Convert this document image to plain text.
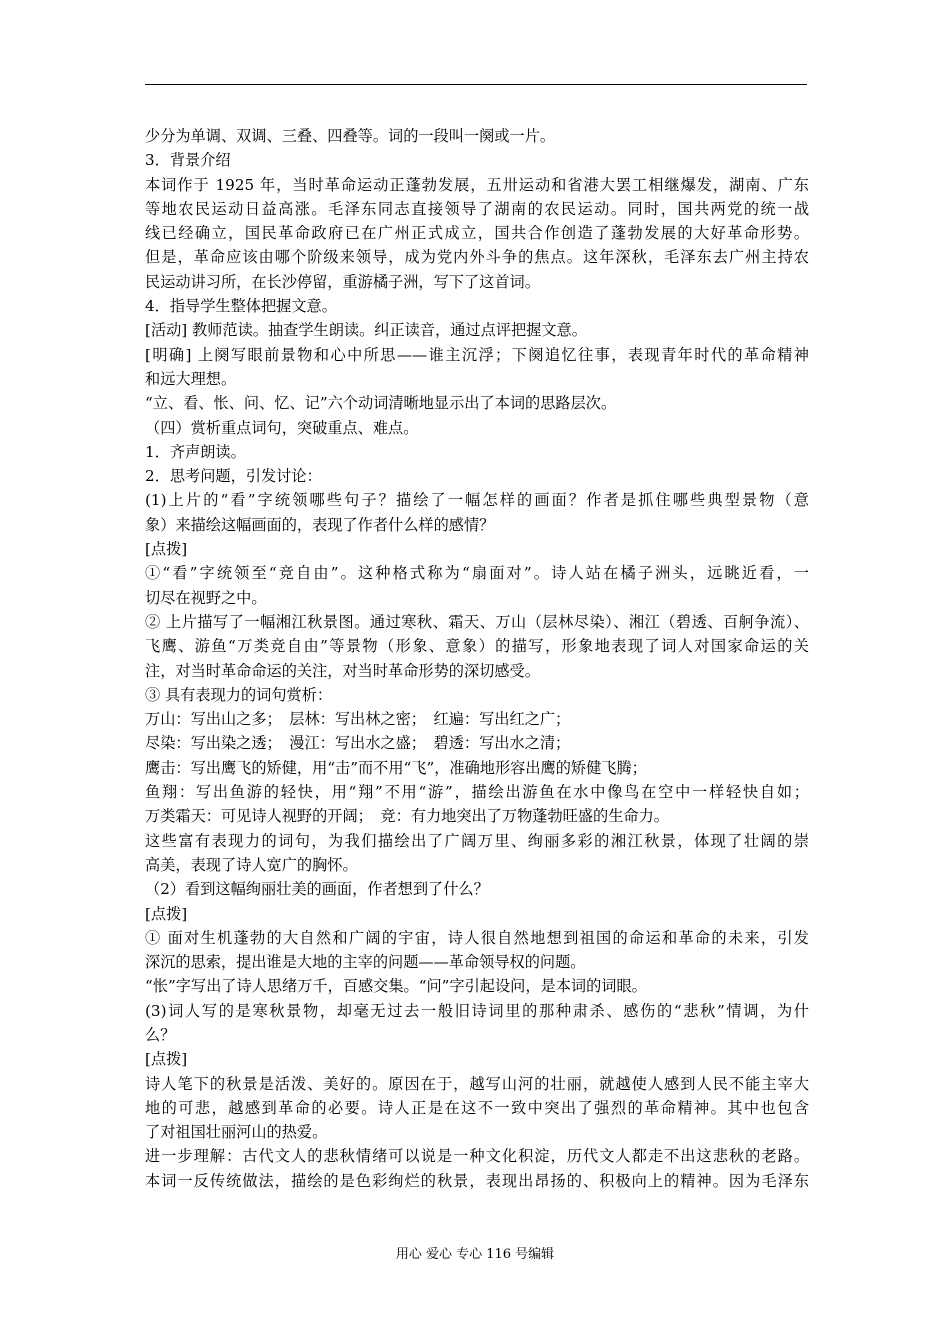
少分为单调、双调、三叠、四叠等。词的一段叫一阕或一片。
3．背景介绍
本词作于 1925 年，当时革命运动正蓬勃发展，五卅运动和省港大罢工相继爆发，湖南、广东
等地农民运动日益高涨。毛泽东同志直接领导了湖南的农民运动。同时，国共两党的统一战
线已经确立，国民革命政府已在广州正式成立，国共合作创造了蓬勃发展的大好革命形势。
但是，革命应该由哪个阶级来领导，成为党内外斗争的焦点。这年深秋，毛泽东去广州主持农
民运动讲习所，在长沙停留，重游橘子洲，写下了这首词。
4．指导学生整体把握文意。
[活动] 教师范读。抽查学生朗读。纠正读音，通过点评把握文意。
[明确] 上阕写眼前景物和心中所思——谁主沉浮；下阕追忆往事，表现青年时代的革命精神
和远大理想。
“立、看、怅、问、忆、记”六个动词清晰地显示出了本词的思路层次。
（四）赏析重点词句，突破重点、难点。
1．齐声朗读。
2．思考问题，引发讨论：
(1)上片的“看”字统领哪些句子？描绘了一幅怎样的画面？作者是抓住哪些典型景物（意
象）来描绘这幅画面的，表现了作者什么样的感情？
[点拨]
①“看”字统领至“竞自由”。这种格式称为“扇面对”。诗人站在橘子洲头，远眺近看，一
切尽在视野之中。
② 上片描写了一幅湘江秋景图。通过寒秋、霜天、万山（层林尽染）、湘江（碧透、百舸争流）、
飞鹰、游鱼“万类竞自由”等景物（形象、意象）的描写，形象地表现了词人对国家命运的关
注，对当时革命命运的关注，对当时革命形势的深切感受。
③ 具有表现力的词句赏析：
万山：写出山之多；　层林：写出林之密；　红遍：写出红之广；
尽染：写出染之透；　漫江：写出水之盛；　碧透：写出水之清；
鹰击：写出鹰飞的矫健，用“击”而不用“飞”，准确地形容出鹰的矫健飞腾；
鱼翔：写出鱼游的轻快，用“翔”不用“游”，描绘出游鱼在水中像鸟在空中一样轻快自如；
万类霜天：可见诗人视野的开阔；　竞：有力地突出了万物蓬勃旺盛的生命力。
这些富有表现力的词句，为我们描绘出了广阔万里、绚丽多彩的湘江秋景，体现了壮阔的崇
高美，表现了诗人宽广的胸怀。
（2）看到这幅绚丽壮美的画面，作者想到了什么？
[点拨]
① 面对生机蓬勃的大自然和广阔的宇宙，诗人很自然地想到祖国的命运和革命的未来，引发
深沉的思索，提出谁是大地的主宰的问题——革命领导权的问题。
“怅”字写出了诗人思绪万千，百感交集。“问”字引起设问，是本词的词眼。
(3)词人写的是寒秋景物，却毫无过去一般旧诗词里的那种肃杀、感伤的“悲秋”情调，为什
么？
[点拨]
诗人笔下的秋景是活泼、美好的。原因在于，越写山河的壮丽，就越使人感到人民不能主宰大
地的可悲，越感到革命的必要。诗人正是在这不一致中突出了强烈的革命精神。其中也包含
了对祖国壮丽河山的热爱。
进一步理解：古代文人的悲秋情绪可以说是一种文化积淀，历代文人都走不出这悲秋的老路。
本词一反传统做法，描绘的是色彩绚烂的秋景，表现出昂扬的、积极向上的精神。因为毛泽东
用心 爱心 专心 116 号编辑
